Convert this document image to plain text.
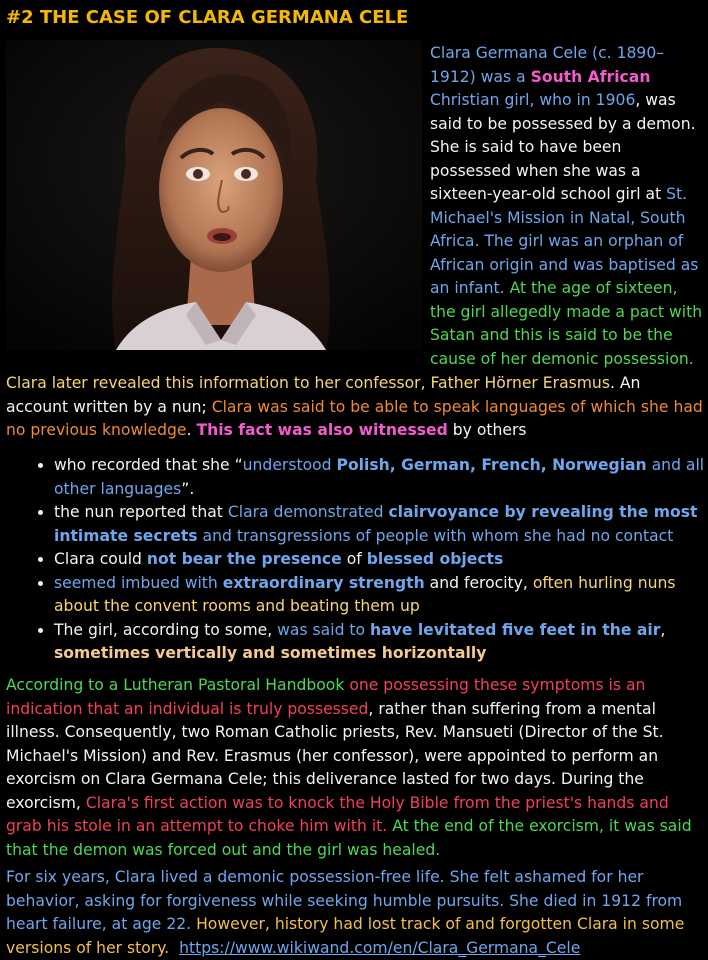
#2 THE CASE OF CLARA GERMANA CELE

Clara Germana Cele (c. 1890–1912) was a South African Christian girl, who in 1906, was said to be possessed by a demon. She is said to have been possessed when she was a sixteen-year-old school girl at St. Michael's Mission in Natal, South Africa. The girl was an orphan of African origin and was baptised as an infant. At the age of sixteen, the girl allegedly made a pact with Satan and this is said to be the cause of her demonic possession.

Clara later revealed this information to her confessor, Father Hörner Erasmus. An account written by a nun; Clara was said to be able to speak languages of which she had no previous knowledge. This fact was also witnessed by others

• who recorded that she “understood Polish, German, French, Norwegian and all other languages”.
• the nun reported that Clara demonstrated clairvoyance by revealing the most intimate secrets and transgressions of people with whom she had no contact
• Clara could not bear the presence of blessed objects
• seemed imbued with extraordinary strength and ferocity, often hurling nuns about the convent rooms and beating them up
• The girl, according to some, was said to have levitated five feet in the air, sometimes vertically and sometimes horizontally

According to a Lutheran Pastoral Handbook one possessing these symptoms is an indication that an individual is truly possessed, rather than suffering from a mental illness. Consequently, two Roman Catholic priests, Rev. Mansueti (Director of the St. Michael's Mission) and Rev. Erasmus (her confessor), were appointed to perform an exorcism on Clara Germana Cele; this deliverance lasted for two days. During the exorcism, Clara's first action was to knock the Holy Bible from the priest's hands and grab his stole in an attempt to choke him with it. At the end of the exorcism, it was said that the demon was forced out and the girl was healed.

For six years, Clara lived a demonic possession-free life. She felt ashamed for her behavior, asking for forgiveness while seeking humble pursuits. She died in 1912 from heart failure, at age 22. However, history had lost track of and forgotten Clara in some versions of her story. https://www.wikiwand.com/en/Clara_Germana_Cele
